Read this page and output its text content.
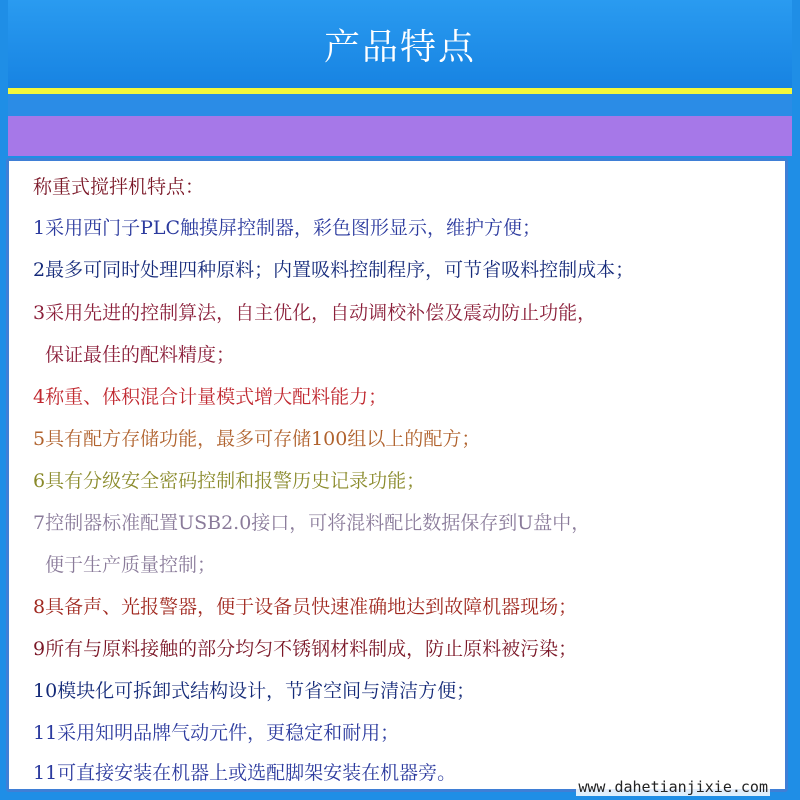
产品特点
称重式搅拌机特点：
1采用西门子PLC触摸屏控制器，彩色图形显示，维护方便；
2最多可同时处理四种原料；内置吸料控制程序，可节省吸料控制成本；
3采用先进的控制算法，自主优化，自动调校补偿及震动防止功能，
保证最佳的配料精度；
4称重、体积混合计量模式增大配料能力；
5具有配方存储功能，最多可存储100组以上的配方；
6具有分级安全密码控制和报警历史记录功能；
7控制器标准配置USB2.0接口，可将混料配比数据保存到U盘中，
便于生产质量控制；
8具备声、光报警器，便于设备员快速准确地达到故障机器现场；
9所有与原料接触的部分均匀不锈钢材料制成，防止原料被污染；
10模块化可拆卸式结构设计，节省空间与清洁方便；
11采用知明品牌气动元件，更稳定和耐用；
11可直接安装在机器上或选配脚架安装在机器旁。
www.dahetianjixie.com
